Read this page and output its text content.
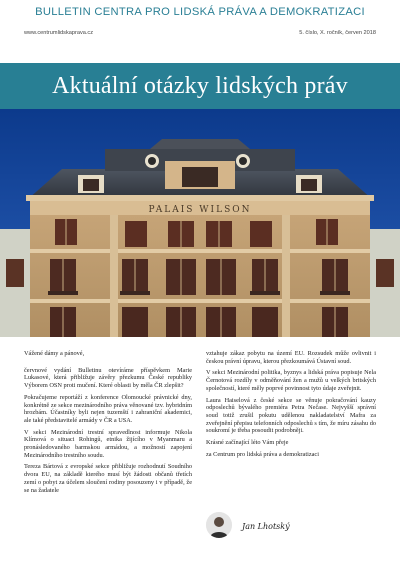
BULLETIN CENTRA PRO LIDSKÁ PRÁVA A DEMOKRATIZACI
www.centrumlidskaprava.cz	5. číslo, X. ročník, červen 2018
Aktuální otázky lidských práv
PALAIS WILSON

Vážené dámy a pánové,

červnové vydání Bulletinu otevíráme příspěvkem Marie Lukasové, která přibližuje závěry přezkumu České republiky Výborem OSN proti mučení. Které oblasti by měla ČR zlepšit?

Pokračujeme reportáží z konference Olomoucké právnické dny, konkrétně ze sekce mezinárodního práva věnované tzv. hybridním hrozbám. Účastníky byli nejen tuzemští i zahraniční akademici, ale také představitelé armády v ČR a USA.

V sekci Mezinárodní trestní spravedlnost informuje Nikola Klímová o situaci Rohingů, etnika žijícího v Myanmaru a pronásledovaného barmskou armádou, a možností zapojení Mezinárodního trestního soudu.

Tereza Bártová z evropské sekce přibližuje rozhodnutí Soudního dvora EU, na základě kterého musí být žádosti občanů třetích zemí o pobyt za účelem sloučení rodiny posouzeny i v případě, že se na žadatele

vztahuje zákaz pobytu na území EU. Rozsudek může ovlivnit i českou právní úpravu, kterou přezkoumává Ústavní soud.

V sekci Mezinárodní politika, byznys a lidská práva popisuje Nela Černotová rozdíly v odměňování žen a mužů u velkých britských společností, které měly poprvé povinnost tyto údaje zveřejnit.

Laura Haiselová z české sekce se věnuje pokračování kauzy odposlechů bývalého premiéra Petra Nečase. Nejvyšší správní soud totiž zrušil pokutu udělenou nakladatelství Mafra za zveřejnění přepisu telefonních odposlechů s tím, že míru zásahu do soukromí je třeba posoudit podrobněji.

Krásné začínající léto Vám přeje

za Centrum pro lidská práva a demokratizaci

Jan Lhotský
